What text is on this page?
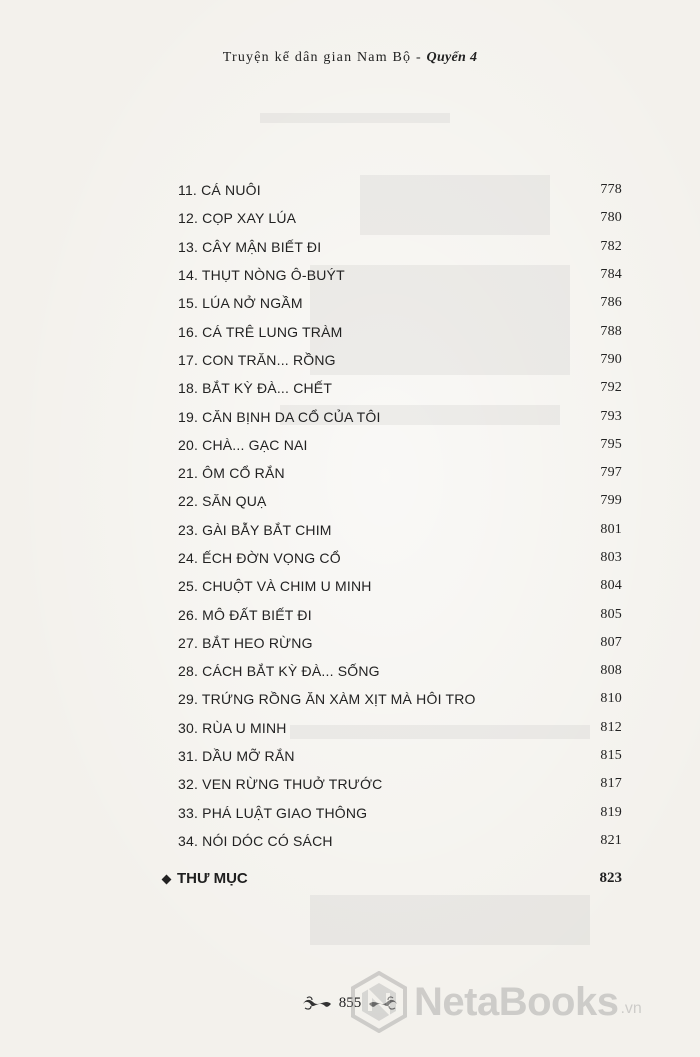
Truyện kể dân gian Nam Bộ - Quyển 4
11. CÁ NUÔI	778
12. CỌP XAY LÚA	780
13. CÂY MẬN BIẾT ĐI	782
14. THỤT NÒNG Ô-BUÝT	784
15. LÚA NỞ NGẦM	786
16. CÁ TRÊ LUNG TRÀM	788
17. CON TRĂN... RỒNG	790
18. BẮT KỲ ĐÀ... CHẾT	792
19. CĂN BỊNH DA CỔ CỦA TÔI	793
20. CHÀ... GẠC NAI	795
21. ÔM CỔ RẮN	797
22. SĂN QUẠ	799
23. GÀI BẪY BẮT CHIM	801
24. ẾCH ĐỜN VỌNG CỔ	803
25. CHUỘT VÀ CHIM U MINH	804
26. MÔ ĐẤT BIẾT ĐI	805
27. BẮT HEO RỪNG	807
28. CÁCH BẮT KỲ ĐÀ... SỐNG	808
29. TRỨNG RỒNG ĂN XÀM XỊT MÀ HÔI TRO	810
30. RÙA U MINH	812
31. DẦU MỠ RẮN	815
32. VEN RỪNG THUỞ TRƯỚC	817
33. PHÁ LUẬT GIAO THÔNG	819
34. NÓI DÓC CÓ SÁCH	821
THƯ MỤC	823
855 NetaBooks .vn
